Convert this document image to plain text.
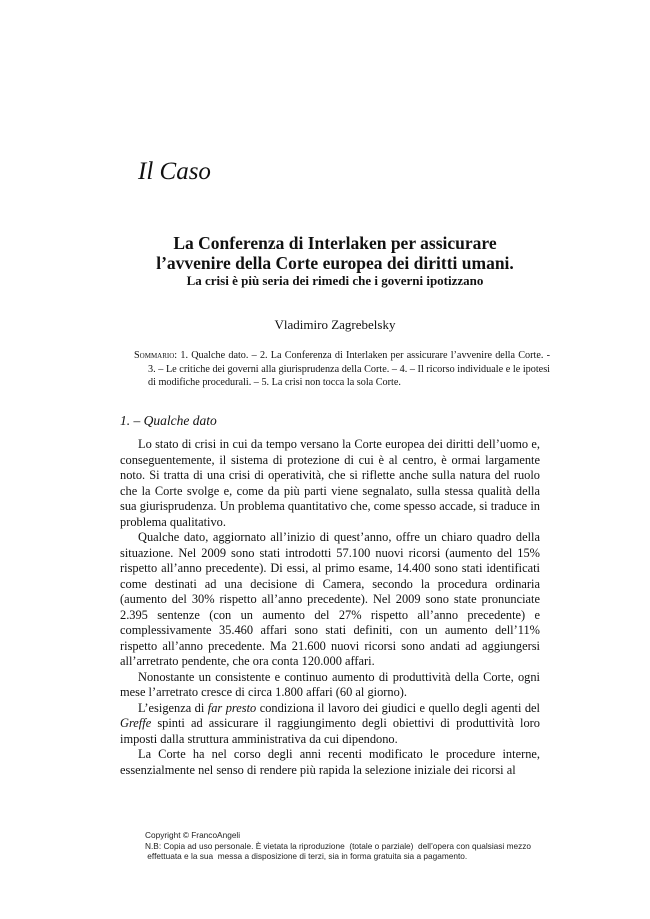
Il Caso
La Conferenza di Interlaken per assicurare
l’avvenire della Corte europea dei diritti umani.
La crisi è più seria dei rimedi che i governi ipotizzano
Vladimiro Zagrebelsky
Sommario: 1. Qualche dato. – 2. La Conferenza di Interlaken per assicurare l’avvenire della Corte. - 3. – Le critiche dei governi alla giurisprudenza della Corte. – 4. – Il ricorso individuale e le ipotesi di modifiche procedurali. – 5. La crisi non tocca la sola Corte.
1. – Qualche dato

Lo stato di crisi in cui da tempo versano la Corte europea dei diritti dell’uomo e, conseguentemente, il sistema di protezione di cui è al centro, è ormai largamente noto. Si tratta di una crisi di operatività, che si riflette anche sulla natura del ruolo che la Corte svolge e, come da più parti viene segnalato, sulla stessa qualità della sua giurisprudenza. Un problema quantitativo che, come spesso accade, si traduce in problema qualitativo.

Qualche dato, aggiornato all’inizio di quest’anno, offre un chiaro quadro della situazione. Nel 2009 sono stati introdotti 57.100 nuovi ricorsi (aumento del 15% rispetto all’anno precedente). Di essi, al primo esame, 14.400 sono stati identificati come destinati ad una decisione di Camera, secondo la procedura ordinaria (aumento del 30% rispetto all’anno precedente). Nel 2009 sono state pronunciate 2.395 sentenze (con un aumento del 27% rispetto all’anno precedente) e complessivamente 35.460 affari sono stati definiti, con un aumento dell’11% rispetto all’anno precedente. Ma 21.600 nuovi ricorsi sono andati ad aggiungersi all’arretrato pendente, che ora conta 120.000 affari.

Nonostante un consistente e continuo aumento di produttività della Corte, ogni mese l’arretrato cresce di circa 1.800 affari (60 al giorno).

L’esigenza di far presto condiziona il lavoro dei giudici e quello degli agenti del Greffe spinti ad assicurare il raggiungimento degli obiettivi di produttività loro imposti dalla struttura amministrativa da cui dipendono.

La Corte ha nel corso degli anni recenti modificato le procedure interne, essenzialmente nel senso di rendere più rapida la selezione iniziale dei ricorsi al

Copyright © FrancoAngeli
N.B: Copia ad uso personale. È vietata la riproduzione  (totale o parziale)  dell’opera con qualsiasi mezzo
effettuata e la sua  messa a disposizione di terzi, sia in forma gratuita sia a pagamento.
